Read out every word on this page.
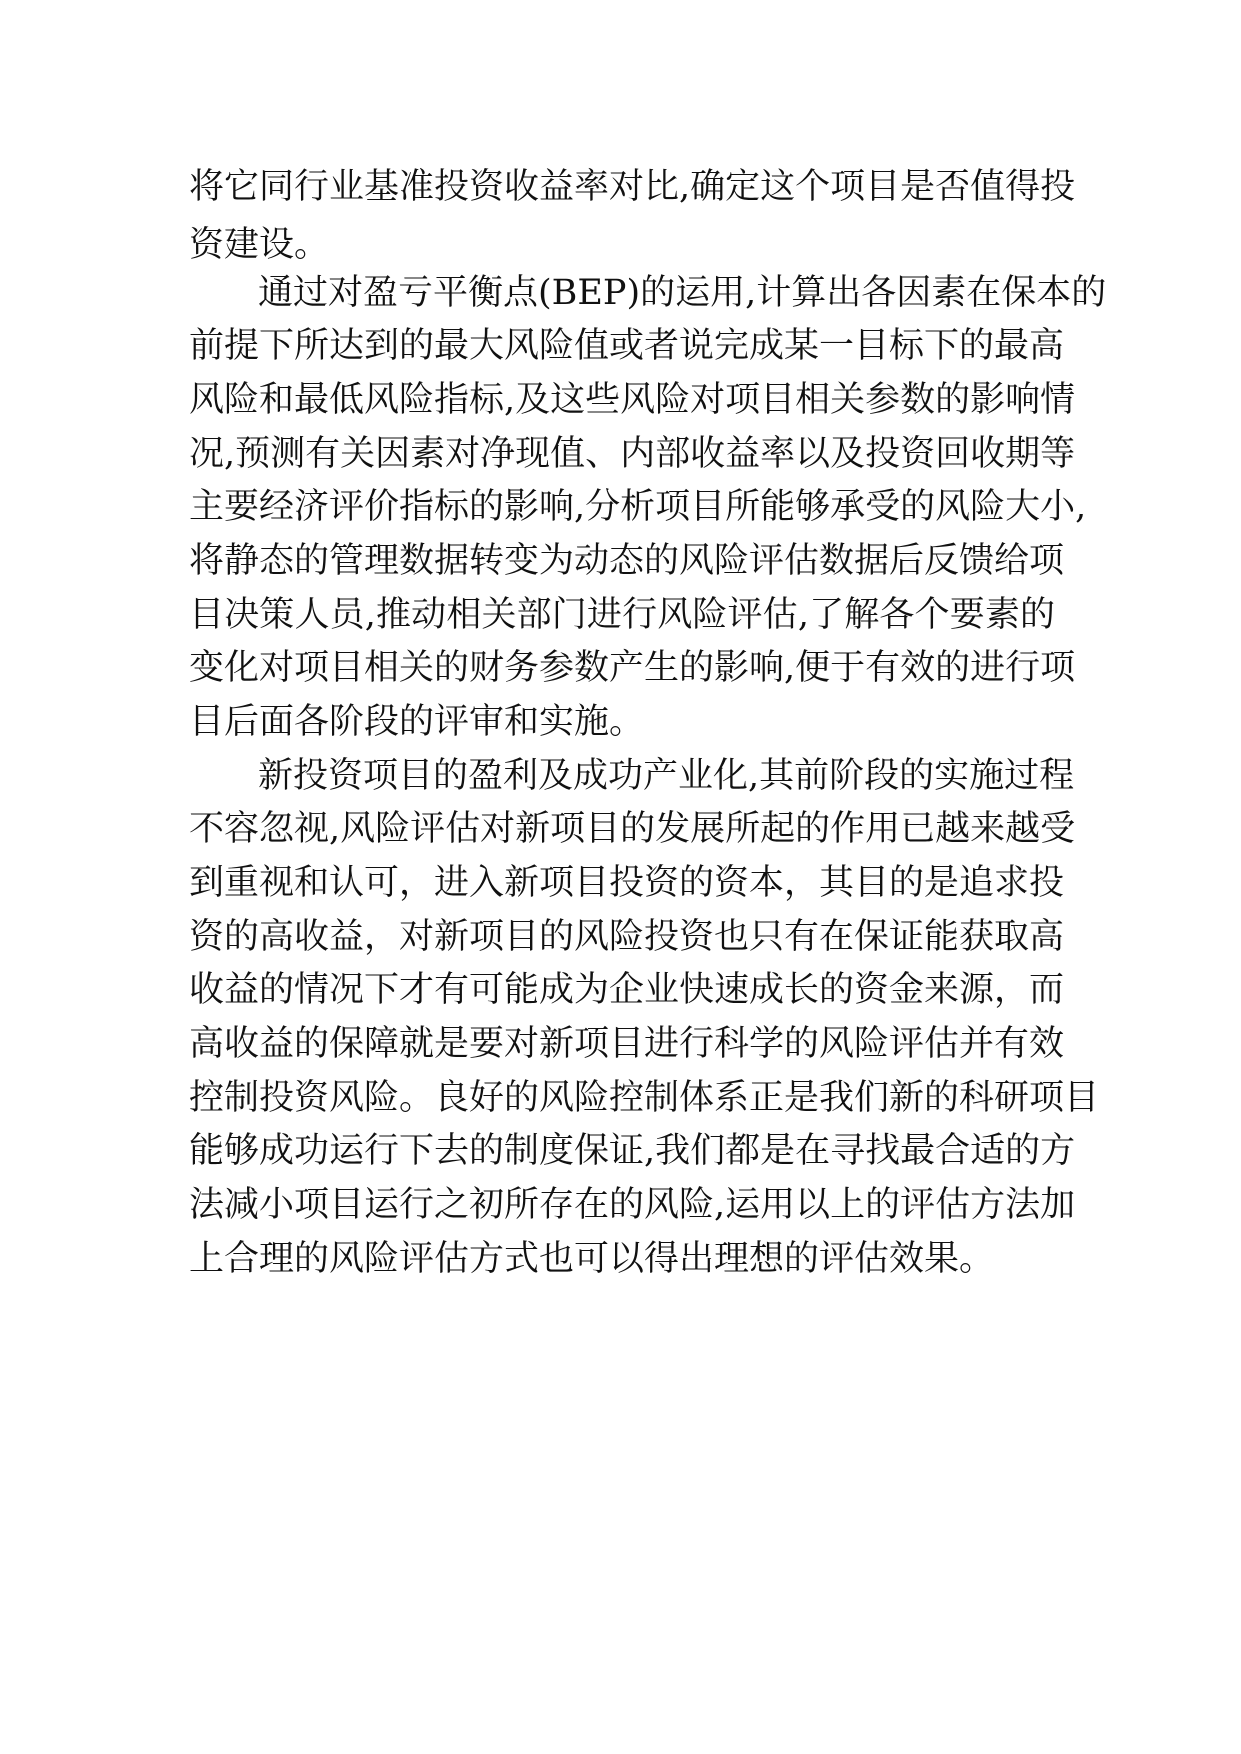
将它同行业基准投资收益率对比,确定这个项目是否值得投
资建设。
通过对盈亏平衡点(BEP)的运用,计算出各因素在保本的
前提下所达到的最大风险值或者说完成某一目标下的最高
风险和最低风险指标,及这些风险对项目相关参数的影响情
况,预测有关因素对净现值、内部收益率以及投资回收期等
主要经济评价指标的影响,分析项目所能够承受的风险大小,
将静态的管理数据转变为动态的风险评估数据后反馈给项
目决策人员,推动相关部门进行风险评估,了解各个要素的
变化对项目相关的财务参数产生的影响,便于有效的进行项
目后面各阶段的评审和实施。
新投资项目的盈利及成功产业化,其前阶段的实施过程
不容忽视,风险评估对新项目的发展所起的作用已越来越受
到重视和认可，进入新项目投资的资本，其目的是追求投
资的高收益，对新项目的风险投资也只有在保证能获取高
收益的情况下才有可能成为企业快速成长的资金来源，而
高收益的保障就是要对新项目进行科学的风险评估并有效
控制投资风险。良好的风险控制体系正是我们新的科研项目
能够成功运行下去的制度保证,我们都是在寻找最合适的方
法减小项目运行之初所存在的风险,运用以上的评估方法加
上合理的风险评估方式也可以得出理想的评估效果。
